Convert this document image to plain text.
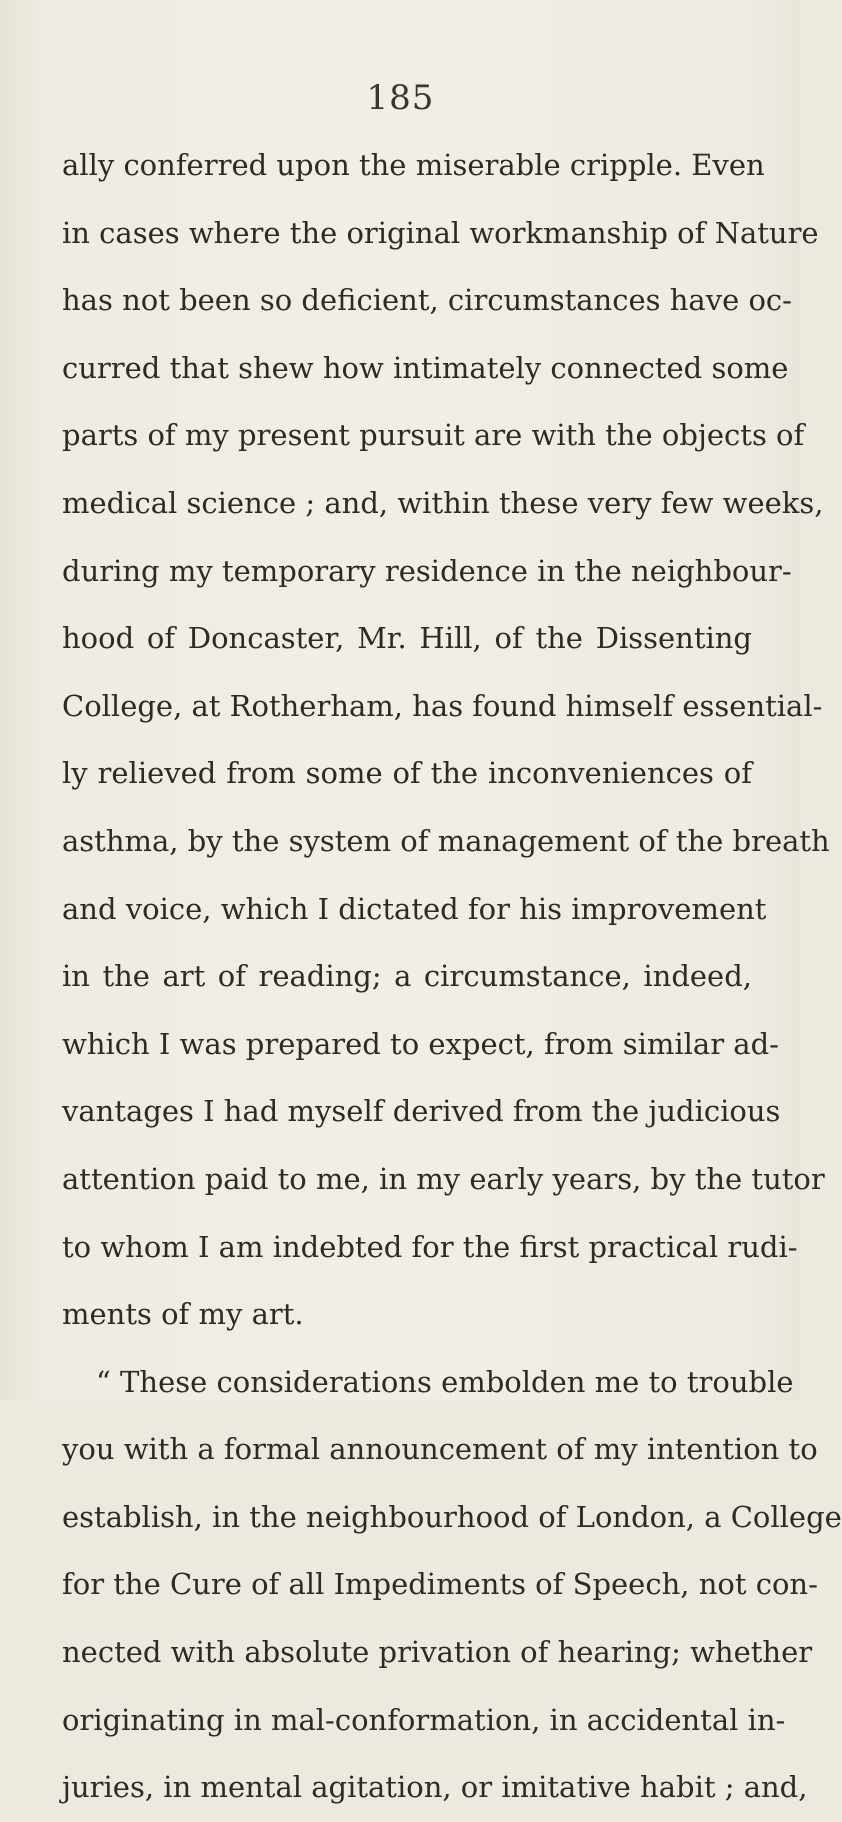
185
ally conferred upon the miserable cripple. Even
in cases where the original workmanship of Nature
has not been so deficient, circumstances have oc-
curred that shew how intimately connected some
parts of my present pursuit are with the objects of
medical science ; and, within these very few weeks,
during my temporary residence in the neighbour-
hood of Doncaster, Mr. Hill, of the Dissenting
College, at Rotherham, has found himself essential-
ly relieved from some of the inconveniences of
asthma, by the system of management of the breath
and voice, which I dictated for his improvement
in the art of reading; a circumstance, indeed,
which I was prepared to expect, from similar ad-
vantages I had myself derived from the judicious
attention paid to me, in my early years, by the tutor
to whom I am indebted for the first practical rudi-
ments of my art.
“ These considerations embolden me to trouble
you with a formal announcement of my intention to
establish, in the neighbourhood of London, a College
for the Cure of all Impediments of Speech, not con-
nected with absolute privation of hearing; whether
originating in mal-conformation, in accidental in-
juries, in mental agitation, or imitative habit ; and,
